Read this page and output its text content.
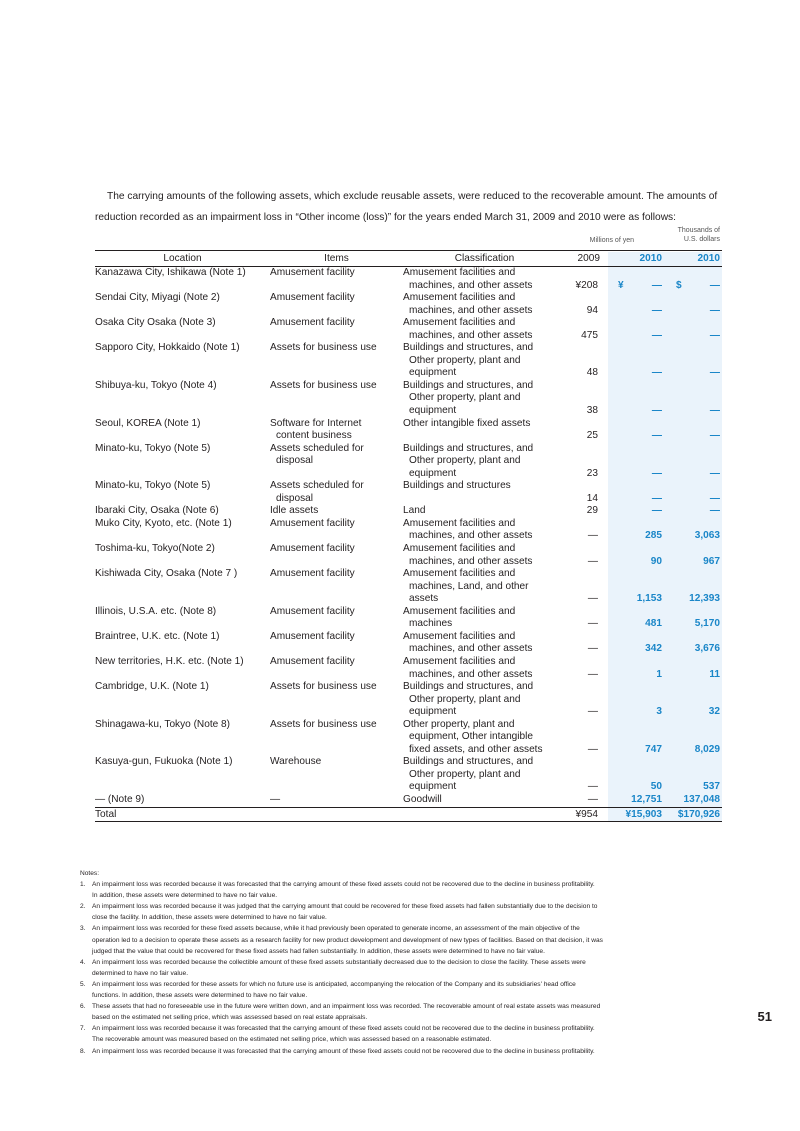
The carrying amounts of the following assets, which exclude reusable assets, were reduced to the recoverable amount. The amounts of reduction recorded as an impairment loss in “Other income (loss)” for the years ended March 31, 2009 and 2010 were as follows:

Millions of yen
Thousands of
U.S. dollars
Location	Items	Classification	2009	2010	2010
Kanazawa City, Ishikawa (Note 1)	Amusement facility	Amusement facilities and
machines, and other assets	¥208	¥ —	$ —
Sendai City, Miyagi (Note 2)	Amusement facility	Amusement facilities and
machines, and other assets	94	—	—
Osaka City Osaka (Note 3)	Amusement facility	Amusement facilities and
machines, and other assets	475	—	—
Sapporo City, Hokkaido (Note 1)	Assets for business use	Buildings and structures, and
Other property, plant and
equipment	48	—	—
Shibuya-ku, Tokyo (Note 4)	Assets for business use	Buildings and structures, and
Other property, plant and
equipment	38	—	—
Seoul, KOREA (Note 1)	Software for Internet
content business	Other intangible fixed assets	25	—	—
Minato-ku, Tokyo (Note 5)	Assets scheduled for
disposal	Buildings and structures, and
Other property, plant and
equipment	23	—	—
Minato-ku, Tokyo (Note 5)	Assets scheduled for
disposal	Buildings and structures	14	—	—
Ibaraki City, Osaka (Note 6)	Idle assets	Land	29	—	—
Muko City, Kyoto, etc. (Note 1)	Amusement facility	Amusement facilities and
machines, and other assets	—	285	3,063
Toshima-ku, Tokyo(Note 2)	Amusement facility	Amusement facilities and
machines, and other assets	—	90	967
Kishiwada City, Osaka (Note 7 )	Amusement facility	Amusement facilities and
machines, Land, and other
assets	—	1,153	12,393
Illinois, U.S.A. etc. (Note 8)	Amusement facility	Amusement facilities and
machines	—	481	5,170
Braintree, U.K. etc. (Note 1)	Amusement facility	Amusement facilities and
machines, and other assets	—	342	3,676
New territories, H.K. etc. (Note 1)	Amusement facility	Amusement facilities and
machines, and other assets	—	1	11
Cambridge, U.K. (Note 1)	Assets for business use	Buildings and structures, and
Other property, plant and
equipment	—	3	32
Shinagawa-ku, Tokyo (Note 8)	Assets for business use	Other property, plant and
equipment, Other intangible
fixed assets, and other assets	—	747	8,029
Kasuya-gun, Fukuoka (Note 1)	Warehouse	Buildings and structures, and
Other property, plant and
equipment	—	50	537
— (Note 9)	—	Goodwill	—	12,751	137,048
Total			¥954	¥15,903	$170,926
Notes:
1. An impairment loss was recorded because it was forecasted that the carrying amount of these fixed assets could not be recovered due to the decline in business profitability.
In addition, these assets were determined to have no fair value.
2. An impairment loss was recorded because it was judged that the carrying amount that could be recovered for these fixed assets had fallen substantially due to the decision to
close the facility. In addition, these assets were determined to have no fair value.
3. An impairment loss was recorded for these fixed assets because, while it had previously been operated to generate income, an assessment of the main objective of the
operation led to a decision to operate these assets as a research facility for new product development and development of new types of facilities. Based on that decision, it was
judged that the value that could be recovered for these fixed assets had fallen substantially. In addition, these assets were determined to have no fair value.
4. An impairment loss was recorded because the collectible amount of these fixed assets substantially decreased due to the decision to close the facility. These assets were
determined to have no fair value.
5. An impairment loss was recorded for these assets for which no future use is anticipated, accompanying the relocation of the Company and its subsidiaries' head office
functions. In addition, these assets were determined to have no fair value.
6. These assets that had no foreseeable use in the future were written down, and an impairment loss was recorded. The recoverable amount of real estate assets was measured
based on the estimated net selling price, which was assessed based on real estate appraisals.
7. An impairment loss was recorded because it was forecasted that the carrying amount of these fixed assets could not be recovered due to the decline in business profitability.
The recoverable amount was measured based on the estimated net selling price, which was assessed based on a reasonable estimated.
8. An impairment loss was recorded because it was forecasted that the carrying amount of these fixed assets could not be recovered due to the decline in business profitability.
51
